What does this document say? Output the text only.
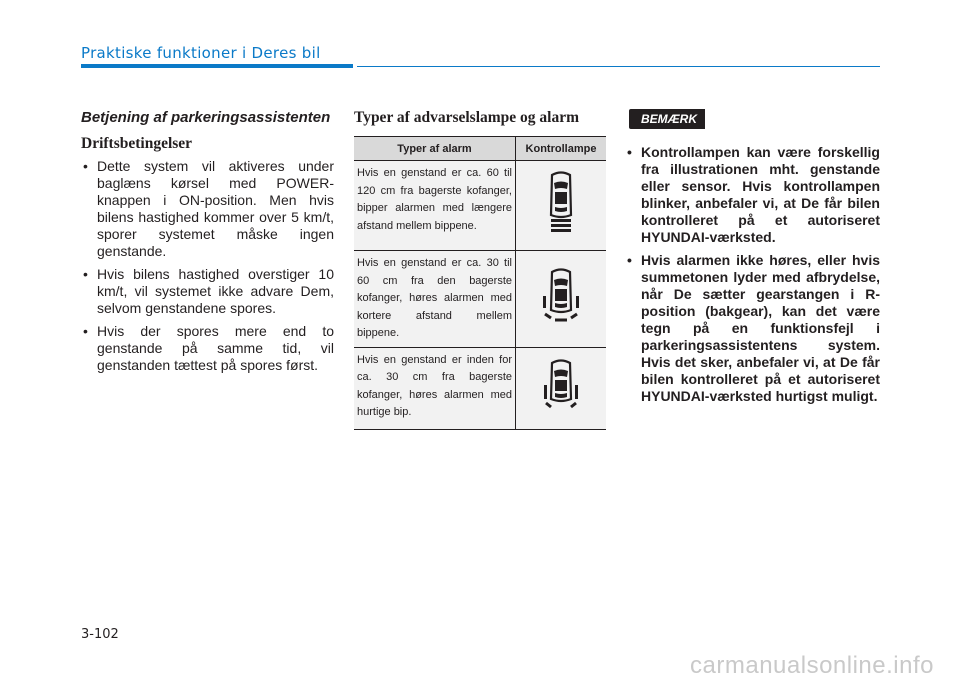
Praktiske funktioner i Deres bil

Betjening af parkeringsassistenten

Driftsbetingelser

• Dette system vil aktiveres under baglæns kørsel med POWER-knappen i ON-position. Men hvis bilens hastighed kommer over 5 km/t, sporer systemet måske ingen genstande.
• Hvis bilens hastighed overstiger 10 km/t, vil systemet ikke advare Dem, selvom genstandene spores.
• Hvis der spores mere end to genstande på samme tid, vil genstanden tættest på spores først.

Typer af advarselslampe og alarm

Typer af alarm	Kontrollampe
Hvis en genstand er ca. 60 til 120 cm fra bagerste kofanger, bipper alarmen med længere afstand mellem bippene.	
Hvis en genstand er ca. 30 til 60 cm fra den bagerste kofanger, høres alarmen med kortere afstand mellem bippene.	
Hvis en genstand er inden for ca. 30 cm fra bagerste kofanger, høres alarmen med hurtige bip.	
BEMÆRK
• Kontrollampen kan være forskellig fra illustrationen mht. genstande eller sensor. Hvis kontrollampen blinker, anbefaler vi, at De får bilen kontrolleret på et autoriseret HYUNDAI-værksted.
• Hvis alarmen ikke høres, eller hvis summetonen lyder med afbrydelse, når De sætter gearstangen i R-position (bakgear), kan det være tegn på en funktionsfejl i parkeringsassistentens system. Hvis det sker, anbefaler vi, at De får bilen kontrolleret på et autoriseret HYUNDAI-værksted hurtigst muligt.
3-102
carmanualsonline.info
